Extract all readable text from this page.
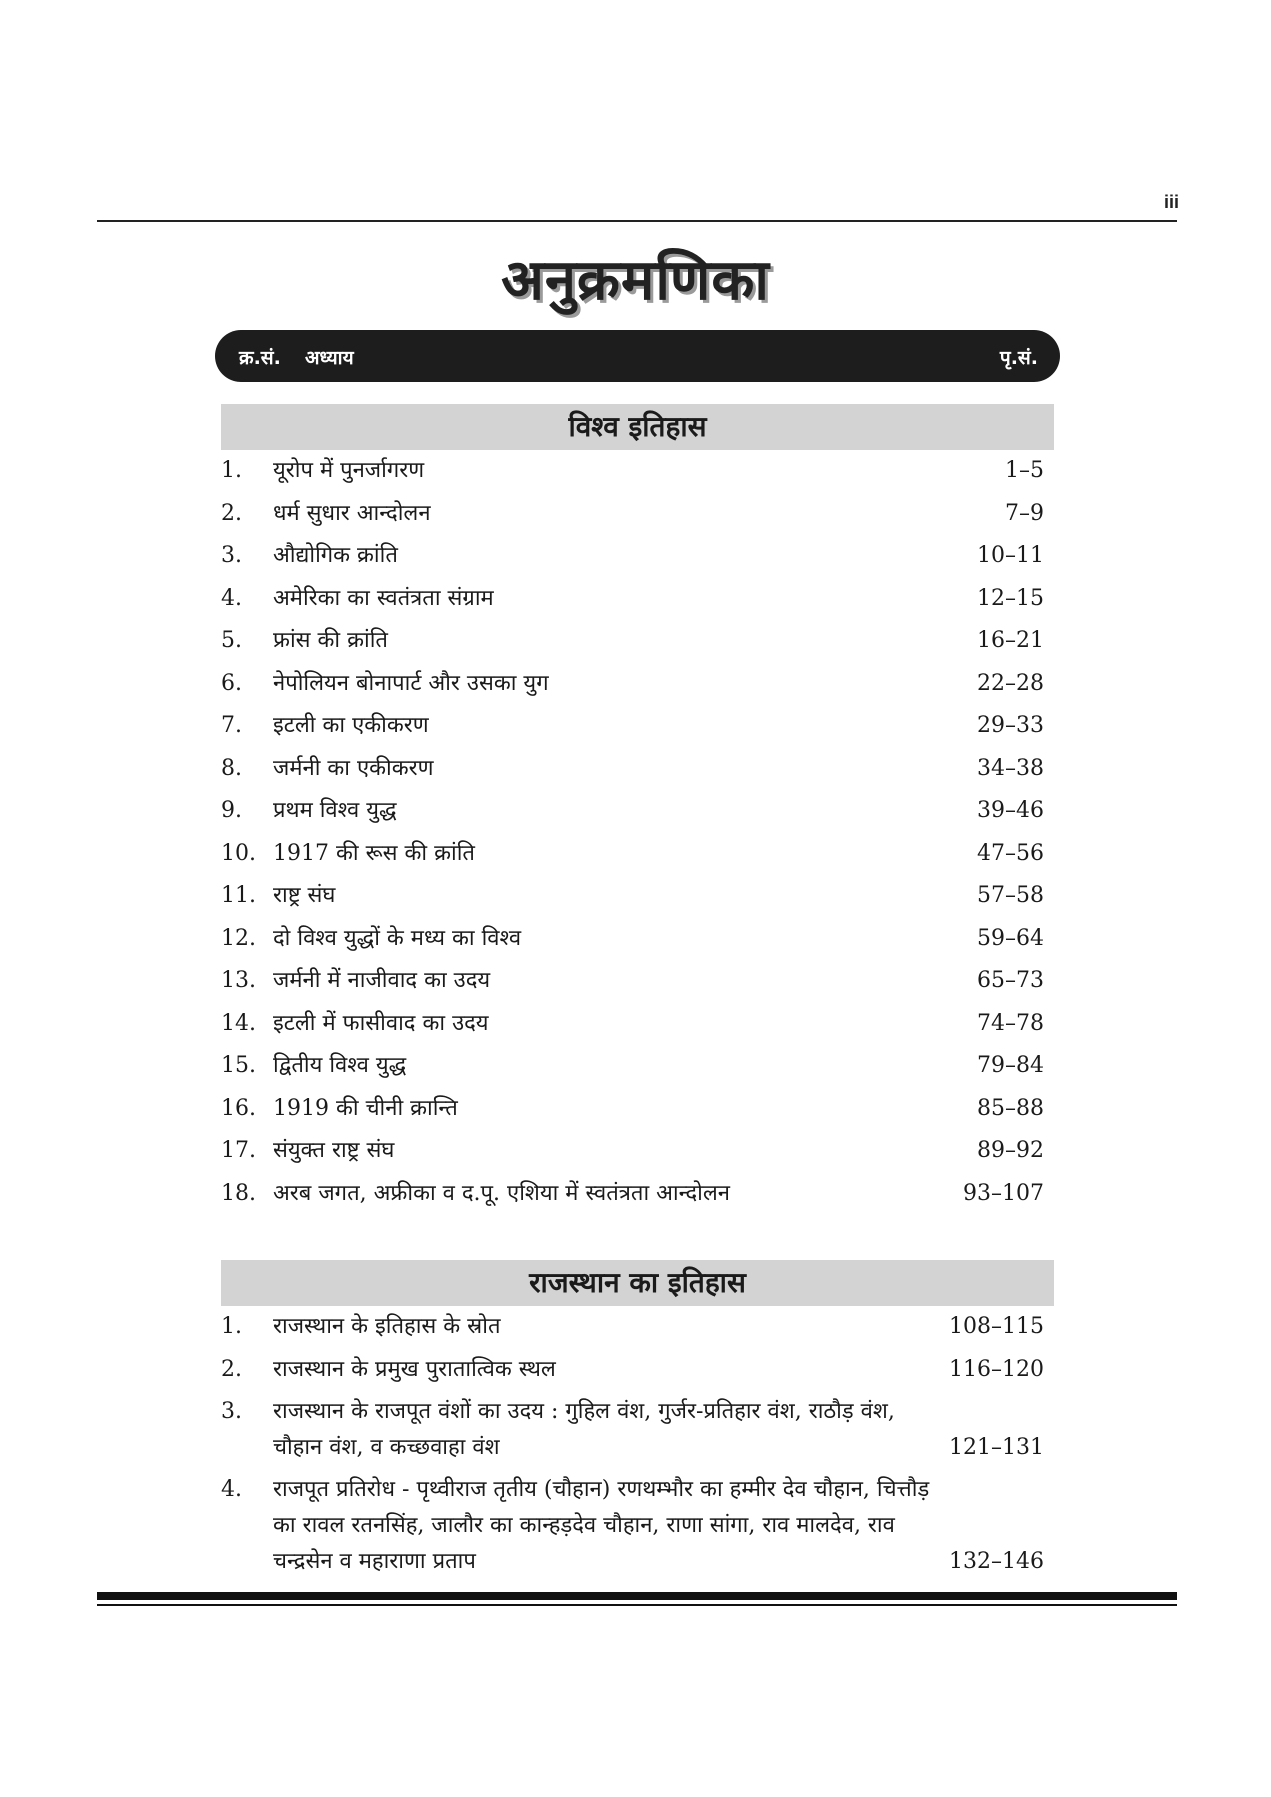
iii
अनुक्रमणिका
क्र.सं. अध्याय	पृ.सं.
विश्व इतिहास
1.	यूरोप में पुनर्जागरण	1–5
2.	धर्म सुधार आन्दोलन	7–9
3.	औद्योगिक क्रांति	10–11
4.	अमेरिका का स्वतंत्रता संग्राम	12–15
5.	फ्रांस की क्रांति	16–21
6.	नेपोलियन बोनापार्ट और उसका युग	22–28
7.	इटली का एकीकरण	29–33
8.	जर्मनी का एकीकरण	34–38
9.	प्रथम विश्व युद्ध	39–46
10. 1917 की रूस की क्रांति	47–56
11. राष्ट्र संघ	57–58
12. दो विश्व युद्धों के मध्य का विश्व	59–64
13. जर्मनी में नाजीवाद का उदय	65–73
14. इटली में फासीवाद का उदय	74–78
15. द्वितीय विश्व युद्ध	79–84
16. 1919 की चीनी क्रान्ति	85–88
17. संयुक्त राष्ट्र संघ	89–92
18. अरब जगत, अफ्रीका व द.पू. एशिया में स्वतंत्रता आन्दोलन	93–107
राजस्थान का इतिहास
1.	राजस्थान के इतिहास के स्रोत	108–115
2.	राजस्थान के प्रमुख पुरातात्विक स्थल	116–120
3.	राजस्थान के राजपूत वंशों का उदय : गुहिल वंश, गुर्जर-प्रतिहार वंश, राठौड़ वंश, चौहान वंश, व कच्छवाहा वंश	121–131
4.	राजपूत प्रतिरोध - पृथ्वीराज तृतीय (चौहान) रणथम्भौर का हम्मीर देव चौहान, चित्तौड़ का रावल रतनसिंह, जालौर का कान्हड़देव चौहान, राणा सांगा, राव मालदेव, राव चन्द्रसेन व महाराणा प्रताप	132–146
